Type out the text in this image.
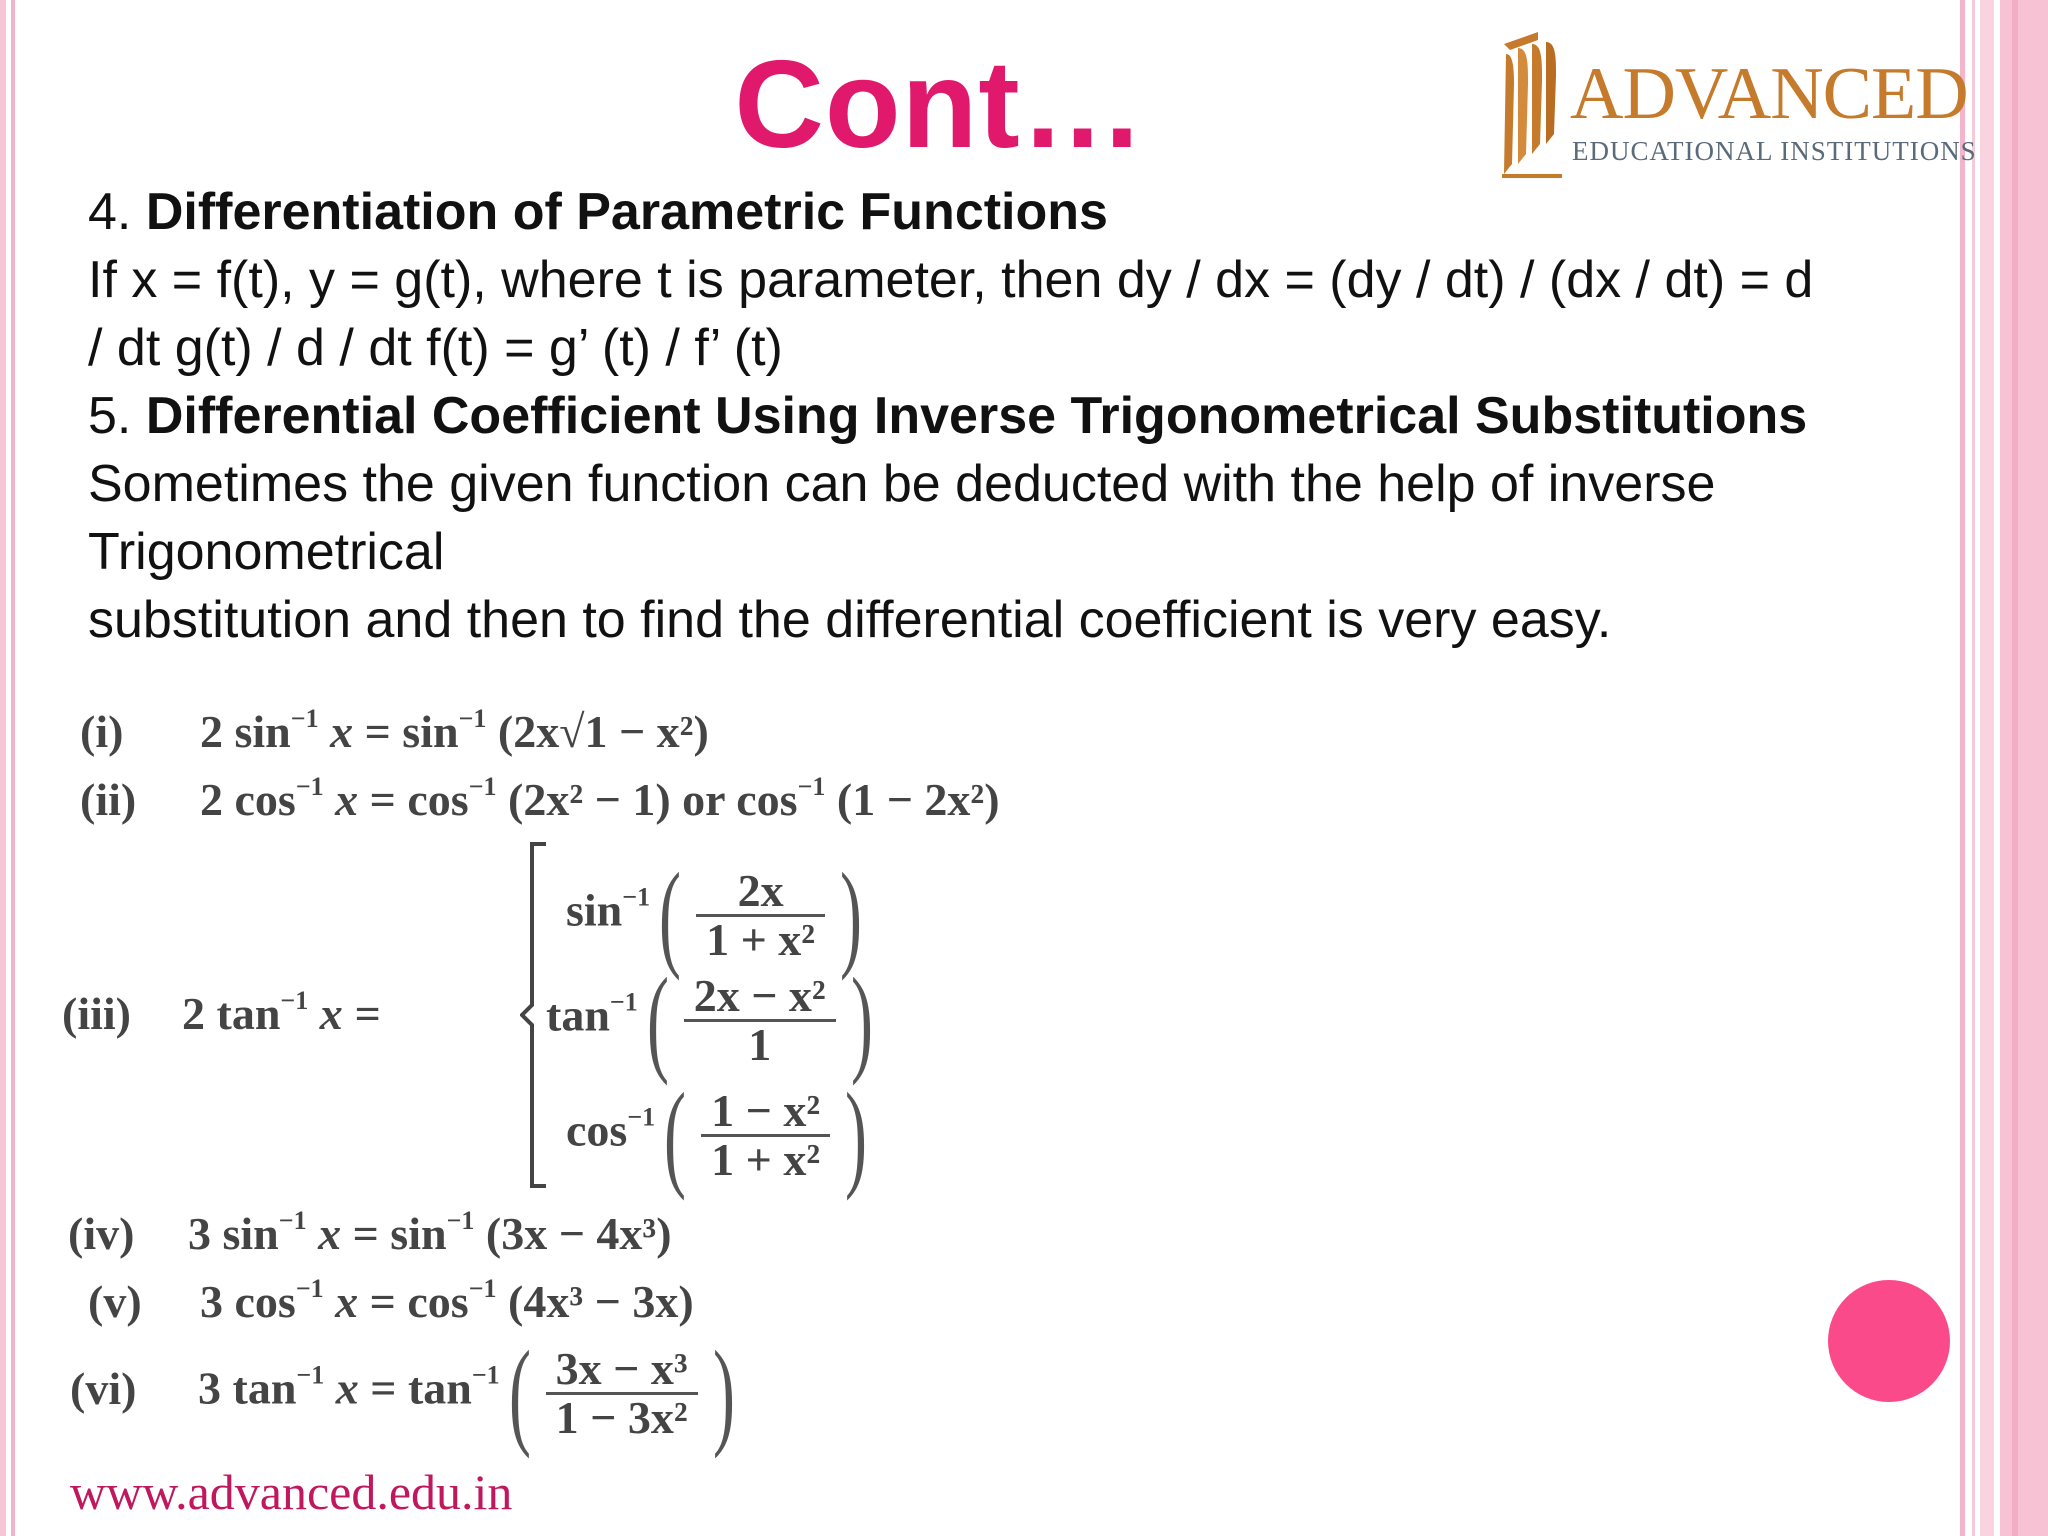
Cont…	ADVANCED
EDUCATIONAL INSTITUTIONS
4. Differentiation of Parametric Functions
If x = f(t), y = g(t), where t is parameter, then dy / dx = (dy / dt) / (dx / dt) = d
/ dt g(t) / d / dt f(t) = g’ (t) / f’ (t)
5. Differential Coefficient Using Inverse Trigonometrical Substitutions
Sometimes the given function can be deducted with the help of inverse
Trigonometrical
substitution and then to find the differential coefficient is very easy.
(i) 2 $\sin^{-1} x = \sin^{-1} (2x√1 - x^2)$
(ii) 2 $\cos^{-1} x = \cos^{-1} (2x^2 - 1)$ or $\cos^{-1} (1 - 2x^2)$
(iii) 2 $\tan^{-1} x$ =
$\sin^{-1}( \frac{2x}{\text{1 + x²}}$ )
$\tan^{-1}( \frac{\text{2x − x²}}{1}$ )
$\cos^{-1}( \frac{\text{1 − x²}}{\text{1 + x²}}$ )
(iv) 3 $\sin^{-1} x = \sin^{-1} (3x - 4x^3)$
(v) 3 $\cos^{-1} x = \cos^{-1} (4x^3 - 3x)$
(vi) 3 $\tan^{-1} x = \tan^{-1}( \frac{\text{3x − x³}}{\text{1 − 3x²}}$ )
www.advanced.edu.in
